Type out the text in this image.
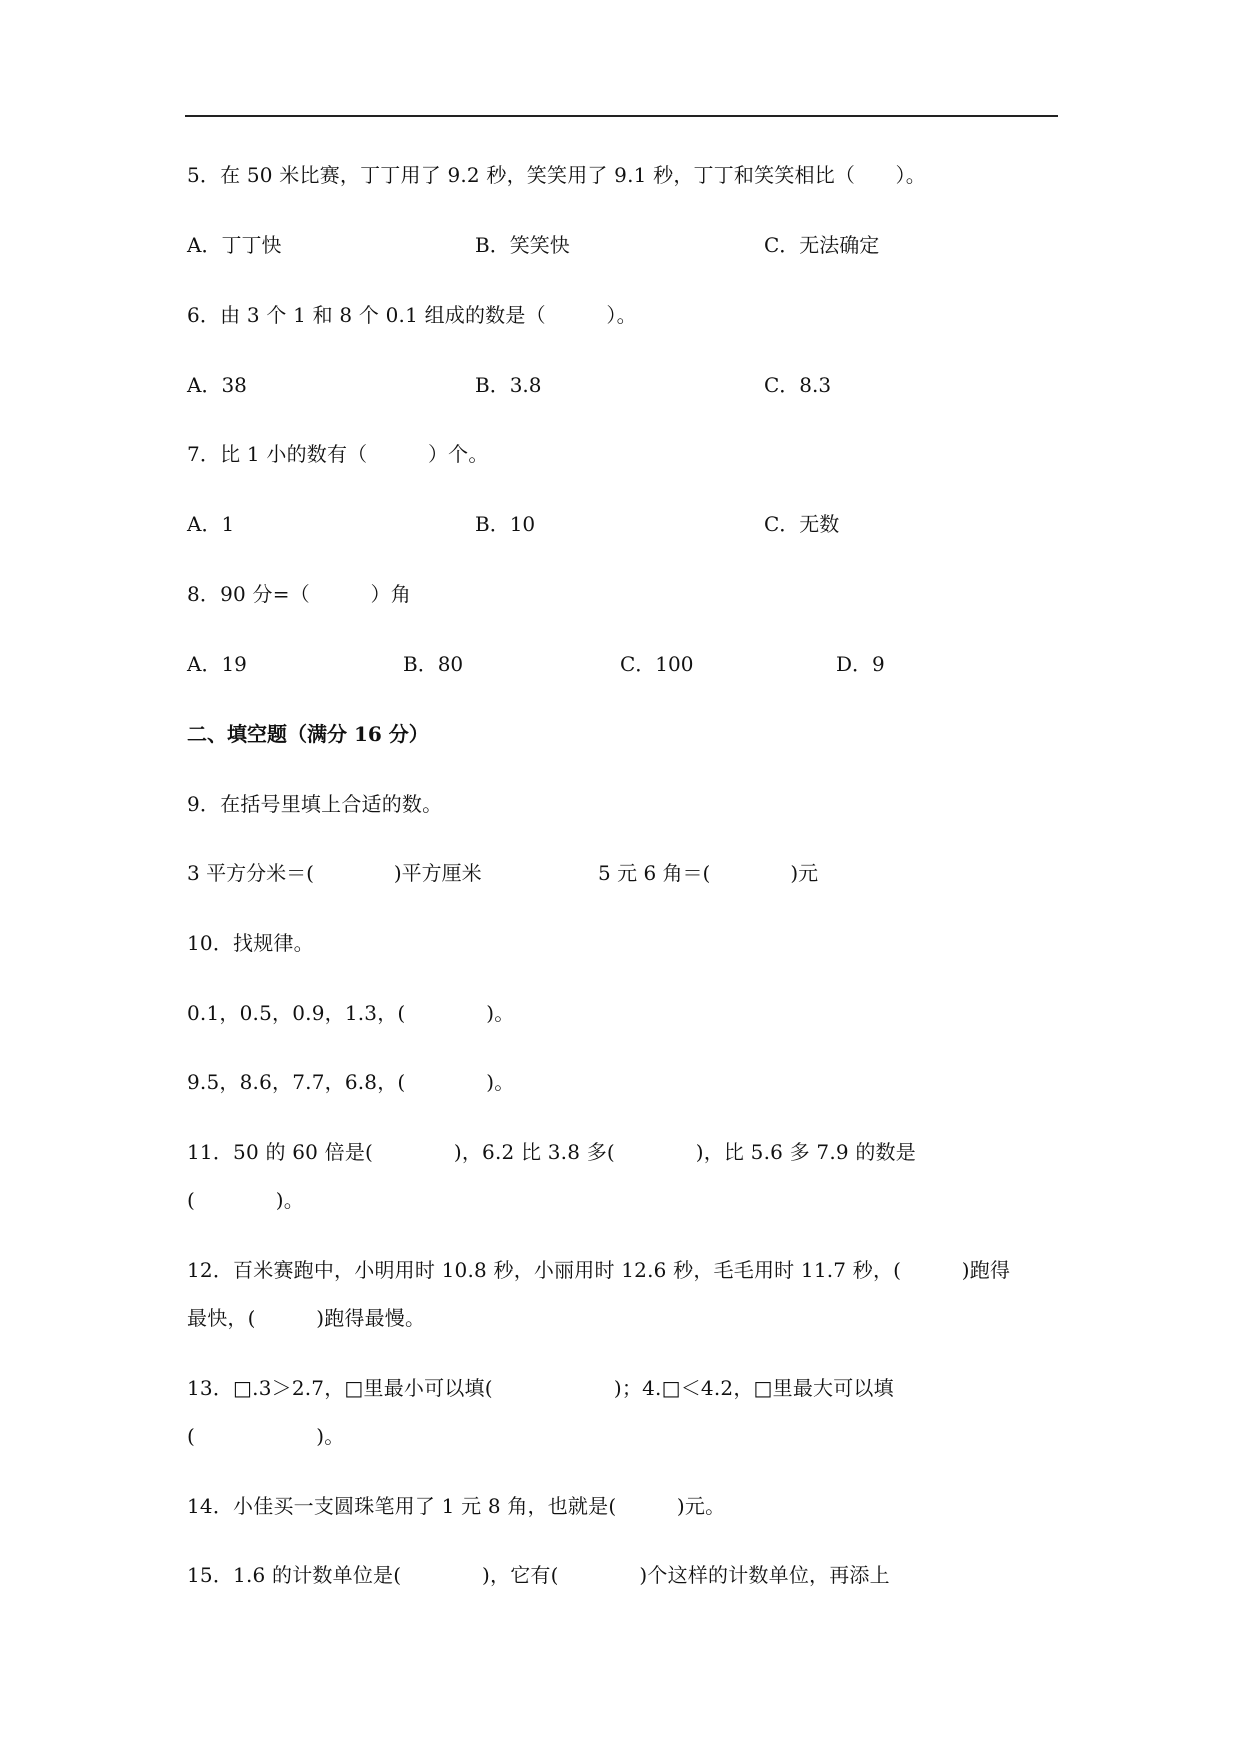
5．在 50 米比赛，丁丁用了 9.2 秒，笑笑用了 9.1 秒，丁丁和笑笑相比（　　）。
A．丁丁快	B．笑笑快	C．无法确定
6．由 3 个 1 和 8 个 0.1 组成的数是（　　　）。
A．38	B．3.8	C．8.3
7．比 1 小的数有（　　　）个。
A．1	B．10	C．无数
8．90 分=（　　　）角
A．19	B．80	C．100	D．9
二、填空题（满分 16 分）
9．在括号里填上合适的数。
3 平方分米＝(　　　　)平方厘米	5 元 6 角＝(　　　　)元
10．找规律。
0.1，0.5，0.9，1.3，(　　　　)。
9.5，8.6，7.7，6.8，(　　　　)。
11．50 的 60 倍是(　　　　)，6.2 比 3.8 多(　　　　)，比 5.6 多 7.9 的数是
(　　　　)。
12．百米赛跑中，小明用时 10.8 秒，小丽用时 12.6 秒，毛毛用时 11.7 秒，(　　　)跑得
最快，(　　　)跑得最慢。
13．□.3＞2.7，□里最小可以填(　　　　　　)；4.□＜4.2，□里最大可以填
(　　　　　　)。
14．小佳买一支圆珠笔用了 1 元 8 角，也就是(　　　)元。
15．1.6 的计数单位是(　　　　)，它有(　　　　)个这样的计数单位，再添上
